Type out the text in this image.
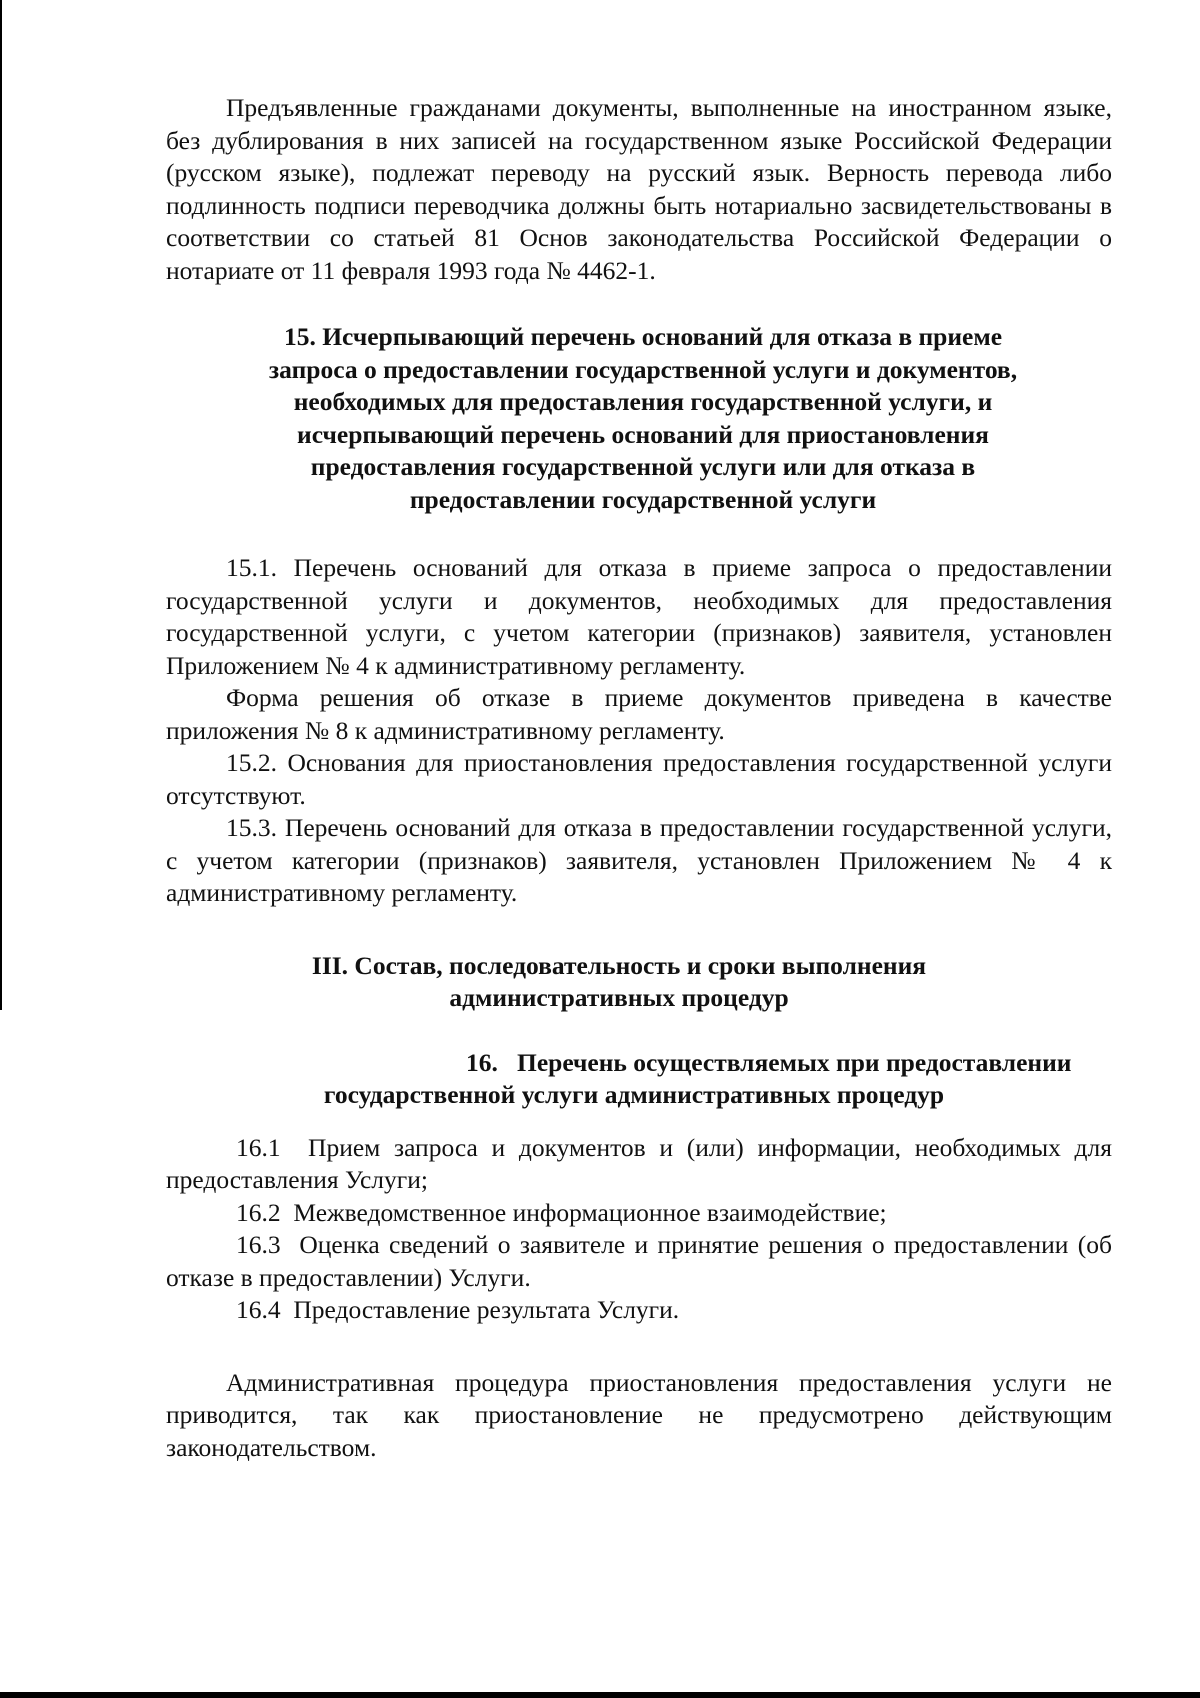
Предъявленные гражданами документы, выполненные на иностранном языке, без дублирования в них записей на государственном языке Российской Федерации (русском языке), подлежат переводу на русский язык. Верность перевода либо подлинность подписи переводчика должны быть нотариально засвидетельствованы в соответствии со статьей 81 Основ законодательства Российской Федерации о нотариате от 11 февраля 1993 года № 4462-1.

15. Исчерпывающий перечень оснований для отказа в приеме запроса о предоставлении государственной услуги и документов, необходимых для предоставления государственной услуги, и исчерпывающий перечень оснований для приостановления предоставления государственной услуги или для отказа в предоставлении государственной услуги

15.1. Перечень оснований для отказа в приеме запроса о предоставлении государственной услуги и документов, необходимых для предоставления государственной услуги, с учетом категории (признаков) заявителя, установлен Приложением № 4 к административному регламенту.

Форма решения об отказе в приеме документов приведена в качестве приложения № 8 к административному регламенту.

15.2. Основания для приостановления предоставления государственной услуги отсутствуют.

15.3. Перечень оснований для отказа в предоставлении государственной услуги, с учетом категории (признаков) заявителя, установлен Приложением № 4 к административному регламенту.

III. Состав, последовательность и сроки выполнения административных процедур
16.   Перечень осуществляемых при предоставлении
государственной услуги административных процедур

16.1  Прием запроса и документов и (или) информации, необходимых для предоставления Услуги;

16.2  Межведомственное информационное взаимодействие;

16.3  Оценка сведений о заявителе и принятие решения о предоставлении (об отказе в предоставлении) Услуги.

16.4  Предоставление результата Услуги.

Административная процедура приостановления предоставления услуги не приводится, так как приостановление не предусмотрено действующим законодательством.
